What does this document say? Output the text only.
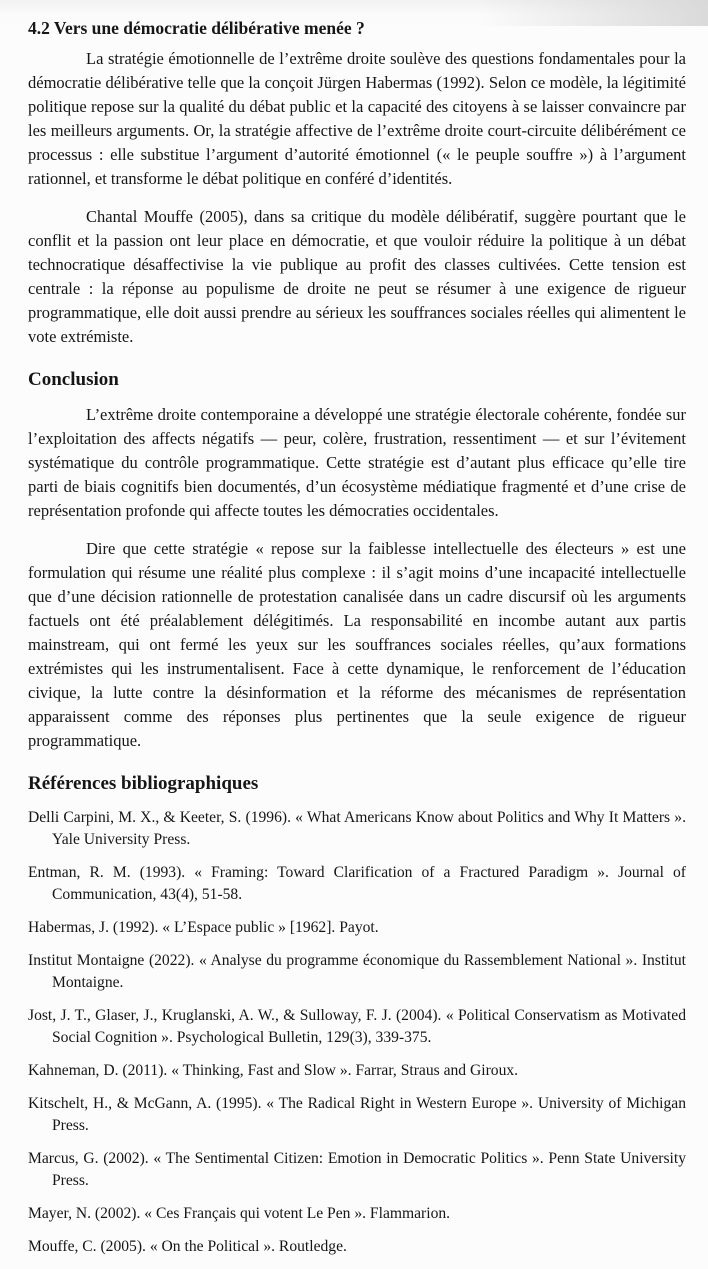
4.2 Vers une démocratie délibérative menée ?

La stratégie émotionnelle de l’extrême droite soulève des questions fondamentales pour la démocratie délibérative telle que la conçoit Jürgen Habermas (1992). Selon ce modèle, la légitimité politique repose sur la qualité du débat public et la capacité des citoyens à se laisser convaincre par les meilleurs arguments. Or, la stratégie affective de l’extrême droite court-circuite délibérément ce processus : elle substitue l’argument d’autorité émotionnel (« le peuple souffre ») à l’argument rationnel, et transforme le débat politique en conféré d’identités.

Chantal Mouffe (2005), dans sa critique du modèle délibératif, suggère pourtant que le conflit et la passion ont leur place en démocratie, et que vouloir réduire la politique à un débat technocratique désaffectivise la vie publique au profit des classes cultivées. Cette tension est centrale : la réponse au populisme de droite ne peut se résumer à une exigence de rigueur programmatique, elle doit aussi prendre au sérieux les souffrances sociales réelles qui alimentent le vote extrémiste.

Conclusion

L’extrême droite contemporaine a développé une stratégie électorale cohérente, fondée sur l’exploitation des affects négatifs — peur, colère, frustration, ressentiment — et sur l’évitement systématique du contrôle programmatique. Cette stratégie est d’autant plus efficace qu’elle tire parti de biais cognitifs bien documentés, d’un écosystème médiatique fragmenté et d’une crise de représentation profonde qui affecte toutes les démocraties occidentales.

Dire que cette stratégie « repose sur la faiblesse intellectuelle des électeurs » est une formulation qui résume une réalité plus complexe : il s’agit moins d’une incapacité intellectuelle que d’une décision rationnelle de protestation canalisée dans un cadre discursif où les arguments factuels ont été préalablement délégitimés. La responsabilité en incombe autant aux partis mainstream, qui ont fermé les yeux sur les souffrances sociales réelles, qu’aux formations extrémistes qui les instrumentalisent. Face à cette dynamique, le renforcement de l’éducation civique, la lutte contre la désinformation et la réforme des mécanismes de représentation apparaissent comme des réponses plus pertinentes que la seule exigence de rigueur programmatique.

Références bibliographiques

Delli Carpini, M. X., & Keeter, S. (1996). « What Americans Know about Politics and Why It Matters ». Yale University Press.

Entman, R. M. (1993). « Framing: Toward Clarification of a Fractured Paradigm ». Journal of Communication, 43(4), 51-58.

Habermas, J. (1992). « L’Espace public » [1962]. Payot.

Institut Montaigne (2022). « Analyse du programme économique du Rassemblement National ». Institut Montaigne.

Jost, J. T., Glaser, J., Kruglanski, A. W., & Sulloway, F. J. (2004). « Political Conservatism as Motivated Social Cognition ». Psychological Bulletin, 129(3), 339-375.

Kahneman, D. (2011). « Thinking, Fast and Slow ». Farrar, Straus and Giroux.

Kitschelt, H., & McGann, A. (1995). « The Radical Right in Western Europe ». University of Michigan Press.

Marcus, G. (2002). « The Sentimental Citizen: Emotion in Democratic Politics ». Penn State University Press.

Mayer, N. (2002). « Ces Français qui votent Le Pen ». Flammarion.

Mouffe, C. (2005). « On the Political ». Routledge.
